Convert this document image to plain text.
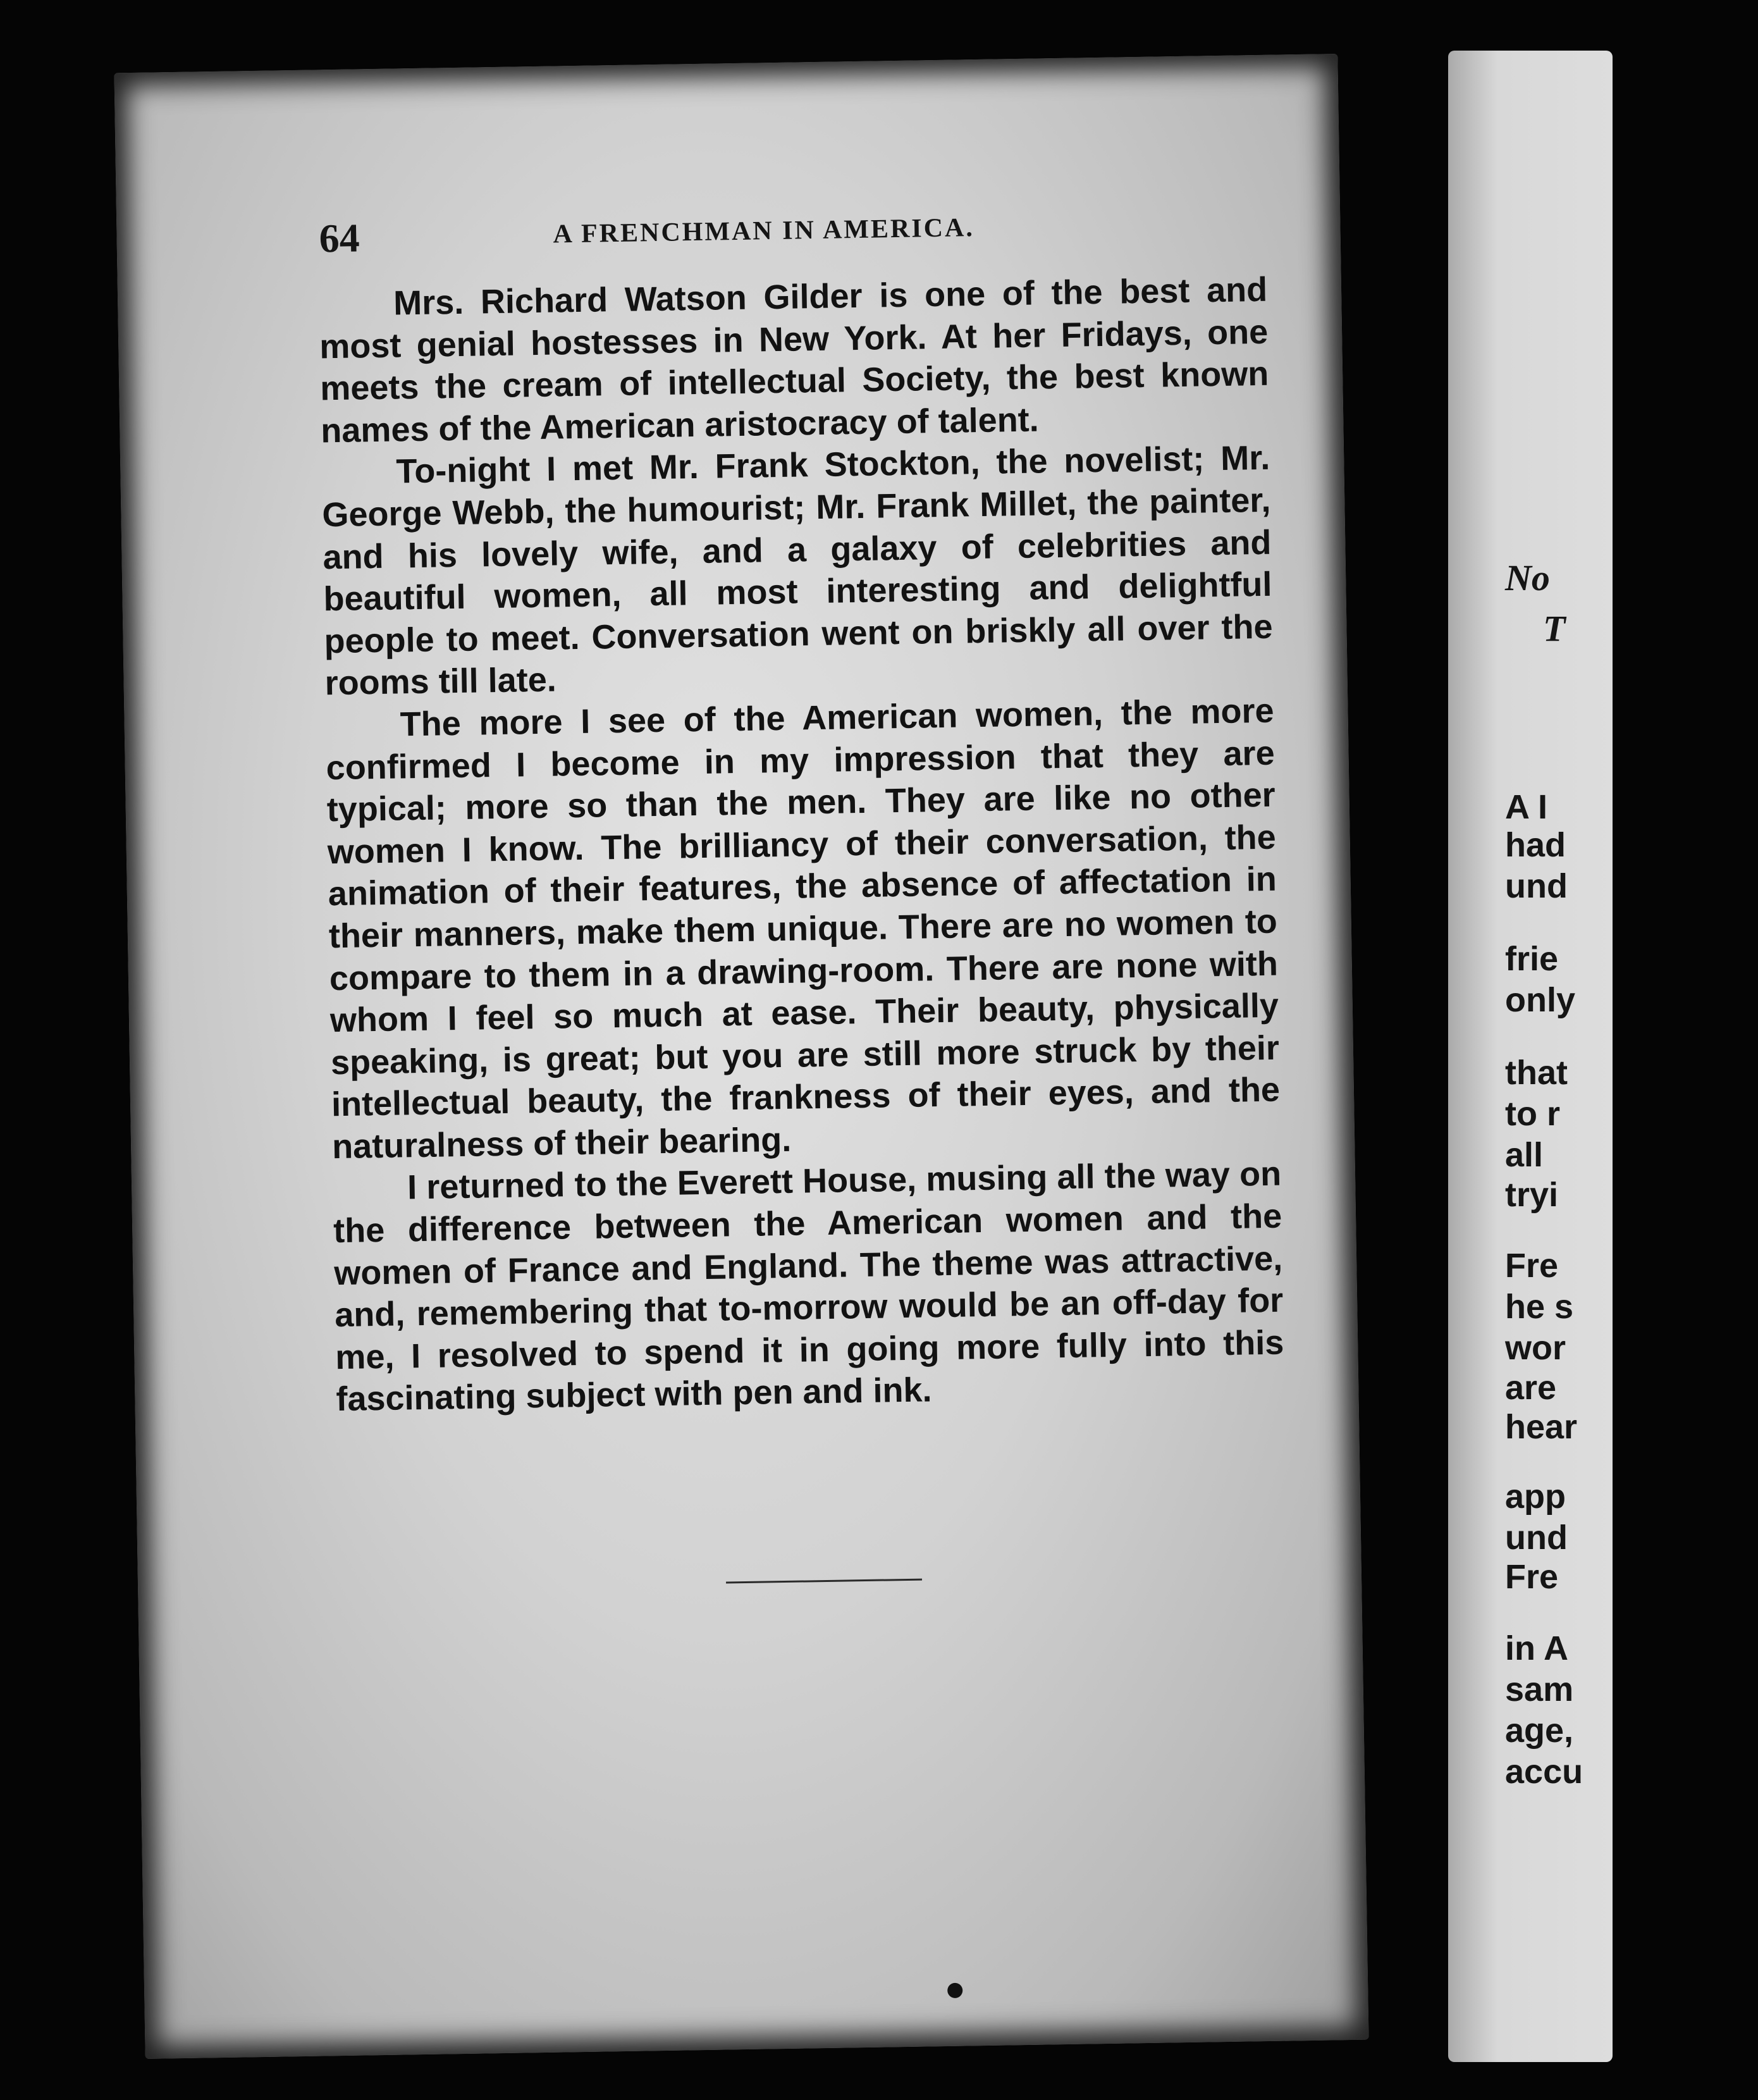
64	A FRENCHMAN IN AMERICA.

Mrs. Richard Watson Gilder is one of the best and most genial hostesses in New York. At her Fridays, one meets the cream of intellectual Society, the best known names of the American aristocracy of talent.

To-night I met Mr. Frank Stockton, the novelist; Mr. George Webb, the humourist; Mr. Frank Millet, the painter, and his lovely wife, and a galaxy of celebrities and beautiful women, all most interesting and delightful people to meet. Conversation went on briskly all over the rooms till late.

The more I see of the American women, the more confirmed I become in my impression that they are typical; more so than the men. They are like no other women I know. The brilliancy of their conversation, the animation of their features, the absence of affectation in their manners, make them unique. There are no women to compare to them in a drawing-room. There are none with whom I feel so much at ease. Their beauty, physically speaking, is great; but you are still more struck by their intellectual beauty, the frankness of their eyes, and the naturalness of their bearing.

I returned to the Everett House, musing all the way on the difference between the American women and the women of France and England. The theme was attractive, and, remembering that to-morrow would be an off-day for me, I resolved to spend it in going more fully into this fascinating subject with pen and ink.

No
T
A I
had
und
frie
only
that
to r
all
tryi
Fre
he s
wor
are
hear
app
und
Fre
in A
sam
age,
accu
